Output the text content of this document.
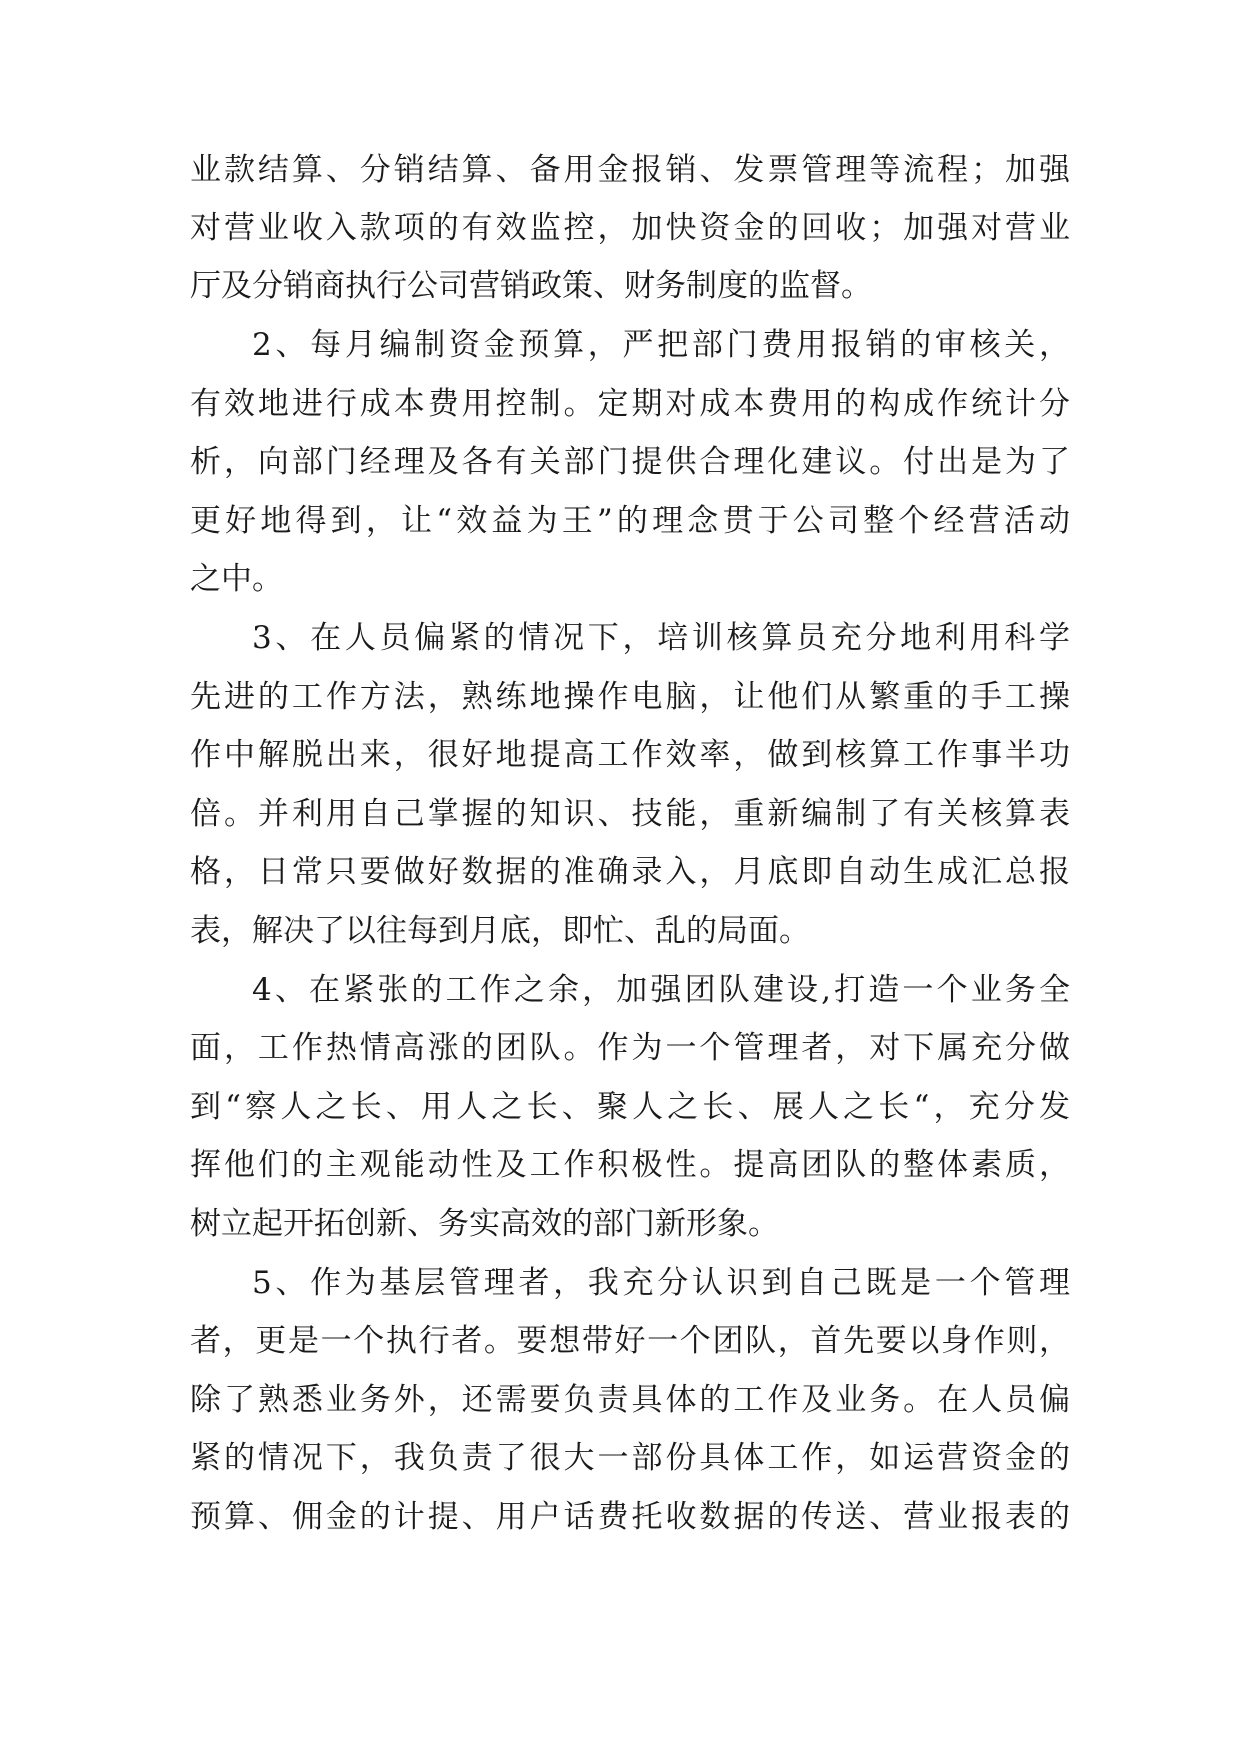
业款结算、分销结算、备用金报销、发票管理等流程；加强
对营业收入款项的有效监控，加快资金的回收；加强对营业
厅及分销商执行公司营销政策、财务制度的监督。
2、每月编制资金预算，严把部门费用报销的审核关，
有效地进行成本费用控制。定期对成本费用的构成作统计分
析，向部门经理及各有关部门提供合理化建议。付出是为了
更好地得到，让“效益为王”的理念贯于公司整个经营活动
之中。
3、在人员偏紧的情况下，培训核算员充分地利用科学
先进的工作方法，熟练地操作电脑，让他们从繁重的手工操
作中解脱出来，很好地提高工作效率，做到核算工作事半功
倍。并利用自己掌握的知识、技能，重新编制了有关核算表
格，日常只要做好数据的准确录入，月底即自动生成汇总报
表，解决了以往每到月底，即忙、乱的局面。
4、在紧张的工作之余，加强团队建设,打造一个业务全
面，工作热情高涨的团队。作为一个管理者，对下属充分做
到“察人之长、用人之长、聚人之长、展人之长“，充分发
挥他们的主观能动性及工作积极性。提高团队的整体素质，
树立起开拓创新、务实高效的部门新形象。
5、作为基层管理者，我充分认识到自己既是一个管理
者，更是一个执行者。要想带好一个团队，首先要以身作则，
除了熟悉业务外，还需要负责具体的工作及业务。在人员偏
紧的情况下，我负责了很大一部份具体工作，如运营资金的
预算、佣金的计提、用户话费托收数据的传送、营业报表的
